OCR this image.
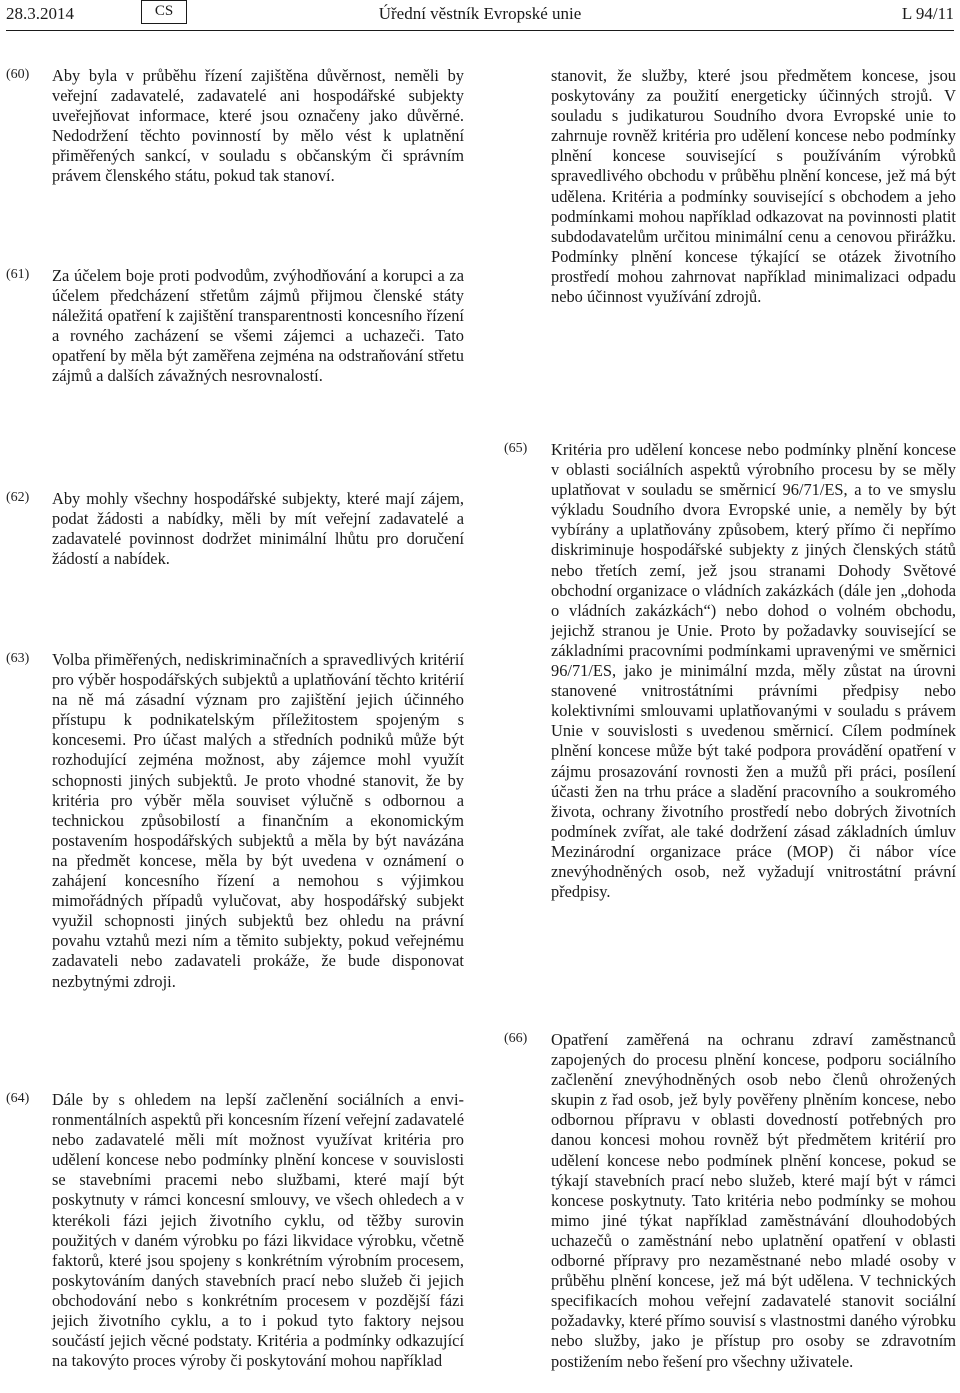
28.3.2014	Úřední věstník Evropské unie
CS	L 94/11
(60) Aby byla v průběhu řízení zajištěna důvěrnost, neměli by veřejní zadavatelé, zadavatelé ani hospodářské subjekty uveřejňovat informace, které jsou označeny jako důvěrné. Nedodržení těchto povinností by mělo vést k uplatnění přiměřených sankcí, v souladu s občanským či správním právem členského státu, pokud tak stanoví.
(61) Za účelem boje proti podvodům, zvýhodňování a korupci a za účelem předcházení střetům zájmů přijmou členské státy náležitá opatření k zajištění transparentnosti koncesního řízení a rovného zacházení se všemi zájemci a uchazeči. Tato opatření by měla být zaměřena zejména na odstraňování střetu zájmů a dalších závažných nesrovnalostí.
(62) Aby mohly všechny hospodářské subjekty, které mají zájem, podat žádosti a nabídky, měli by mít veřejní zadavatelé a zadavatelé povinnost dodržet minimální lhůtu pro doručení žádostí a nabídek.
(63) Volba přiměřených, nediskriminačních a spravedlivých kritérií pro výběr hospodářských subjektů a uplatňování těchto kritérií na ně má zásadní význam pro zajištění jejich účinného přístupu k podnikatelským příležitostem spojeným s koncesemi. Pro účast malých a středních podniků může být rozhodující zejména možnost, aby zájemce mohl využít schopnosti jiných subjektů. Je proto vhodné stanovit, že by kritéria pro výběr měla souviset výlučně s odbornou a technickou způsobilostí a finančním a ekonomickým postavením hospodářských subjektů a měla by být navázána na předmět koncese, měla by být uvedena v oznámení o zahájení koncesního řízení a nemohou s výjimkou mimořádných případů vylučovat, aby hospodářský subjekt využil schopnosti jiných subjektů bez ohledu na právní povahu vztahů mezi ním a těmito subjekty, pokud veřejnému zadavateli nebo zadavateli prokáže, že bude disponovat nezbytnými zdroji.
(64) Dále by s ohledem na lepší začlenění sociálních a environmentálních aspektů při koncesním řízení veřejní zadavatelé nebo zadavatelé měli mít možnost využívat kritéria pro udělení koncese nebo podmínky plnění koncese v souvislosti se stavebními pracemi nebo službami, které mají být poskytnuty v rámci koncesní smlouvy, ve všech ohledech a v kterékoli fázi jejich životního cyklu, od těžby surovin použitých v daném výrobku po fázi likvidace výrobku, včetně faktorů, které jsou spojeny s konkrétním výrobním procesem, poskytováním daných stavebních prací nebo služeb či jejich obchodování nebo s konkrétním procesem v pozdější fázi jejich životního cyklu, a to i pokud tyto faktory nejsou součástí jejich věcné podstaty. Kritéria a podmínky odkazující na takovýto proces výroby či poskytování mohou například
stanovit, že služby, které jsou předmětem koncese, jsou poskytovány za použití energeticky účinných strojů. V souladu s judikaturou Soudního dvora Evropské unie to zahrnuje rovněž kritéria pro udělení koncese nebo podmínky plnění koncese související s používáním výrobků spravedlivého obchodu v průběhu plnění koncese, jež má být udělena. Kritéria a podmínky související s obchodem a jeho podmínkami mohou například odkazovat na povinnosti platit subdodavatelům určitou minimální cenu a cenovou přirážku. Podmínky plnění koncese týkající se otázek životního prostředí mohou zahrnovat například minimalizaci odpadu nebo účinnost využívání zdrojů.
(65) Kritéria pro udělení koncese nebo podmínky plnění koncese v oblasti sociálních aspektů výrobního procesu by se měly uplatňovat v souladu se směrnicí 96/71/ES, a to ve smyslu výkladu Soudního dvora Evropské unie, a neměly by být vybírány a uplatňovány způsobem, který přímo či nepřímo diskriminuje hospodářské subjekty z jiných členských států nebo třetích zemí, jež jsou stranami Dohody Světové obchodní organizace o vládních zakázkách (dále jen „dohoda o vládních zakázkách“) nebo dohod o volném obchodu, jejichž stranou je Unie. Proto by požadavky související se základními pracovními podmínkami upravenými ve směrnici 96/71/ES, jako je minimální mzda, měly zůstat na úrovni stanovené vnitrostátními právními předpisy nebo kolektivními smlouvami uplatňovanými v souladu s právem Unie v souvislosti s uvedenou směrnicí. Cílem podmínek plnění koncese může být také podpora provádění opatření v zájmu prosazování rovnosti žen a mužů při práci, posílení účasti žen na trhu práce a sladění pracovního a soukromého života, ochrany životního prostředí nebo dobrých životních podmínek zvířat, ale také dodržení zásad základních úmluv Mezinárodní organizace práce (MOP) či nábor více znevýhodněných osob, než vyžadují vnitrostátní právní předpisy.
(66) Opatření zaměřená na ochranu zdraví zaměstnanců zapojených do procesu plnění koncese, podporu sociálního začlenění znevýhodněných osob nebo členů ohrožených skupin z řad osob, jež byly pověřeny plněním koncese, nebo odbornou přípravu v oblasti dovedností potřebných pro danou koncesi mohou rovněž být předmětem kritérií pro udělení koncese nebo podmínek plnění koncese, pokud se týkají stavebních prací nebo služeb, které mají být v rámci koncese poskytnuty. Tato kritéria nebo podmínky se mohou mimo jiné týkat například zaměstnávání dlouhodobých uchazečů o zaměstnání nebo uplatnění opatření v oblasti odborné přípravy pro nezaměstnané nebo mladé osoby v průběhu plnění koncese, jež má být udělena. V technických specifikacích mohou veřejní zadavatelé stanovit sociální požadavky, které přímo souvisí s vlastnostmi daného výrobku nebo služby, jako je přístup pro osoby se zdravotním postižením nebo řešení pro všechny uživatele.
